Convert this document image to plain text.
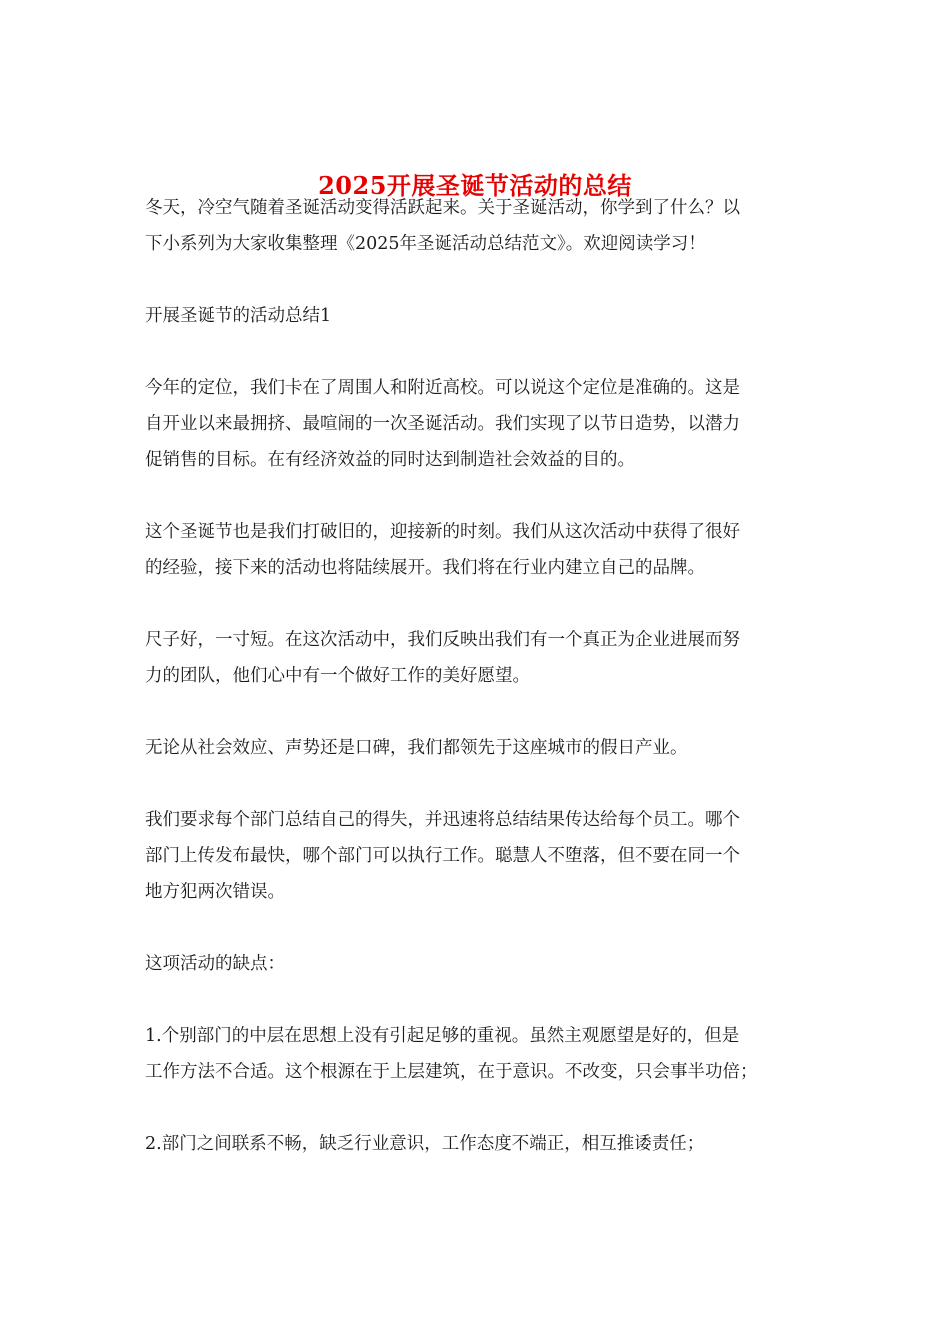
2025开展圣诞节活动的总结

冬天，冷空气随着圣诞活动变得活跃起来。关于圣诞活动，你学到了什么？以
下小系列为大家收集整理《2025年圣诞活动总结范文》。欢迎阅读学习！

开展圣诞节的活动总结1

今年的定位，我们卡在了周围人和附近高校。可以说这个定位是准确的。这是
自开业以来最拥挤、最喧闹的一次圣诞活动。我们实现了以节日造势，以潜力
促销售的目标。在有经济效益的同时达到制造社会效益的目的。

这个圣诞节也是我们打破旧的，迎接新的时刻。我们从这次活动中获得了很好
的经验，接下来的活动也将陆续展开。我们将在行业内建立自己的品牌。

尺子好，一寸短。在这次活动中，我们反映出我们有一个真正为企业进展而努
力的团队，他们心中有一个做好工作的美好愿望。

无论从社会效应、声势还是口碑，我们都领先于这座城市的假日产业。

我们要求每个部门总结自己的得失，并迅速将总结结果传达给每个员工。哪个
部门上传发布最快，哪个部门可以执行工作。聪慧人不堕落，但不要在同一个
地方犯两次错误。

这项活动的缺点：

1.个别部门的中层在思想上没有引起足够的重视。虽然主观愿望是好的，但是
工作方法不合适。这个根源在于上层建筑，在于意识。不改变，只会事半功倍；

2.部门之间联系不畅，缺乏行业意识，工作态度不端正，相互推诿责任；
